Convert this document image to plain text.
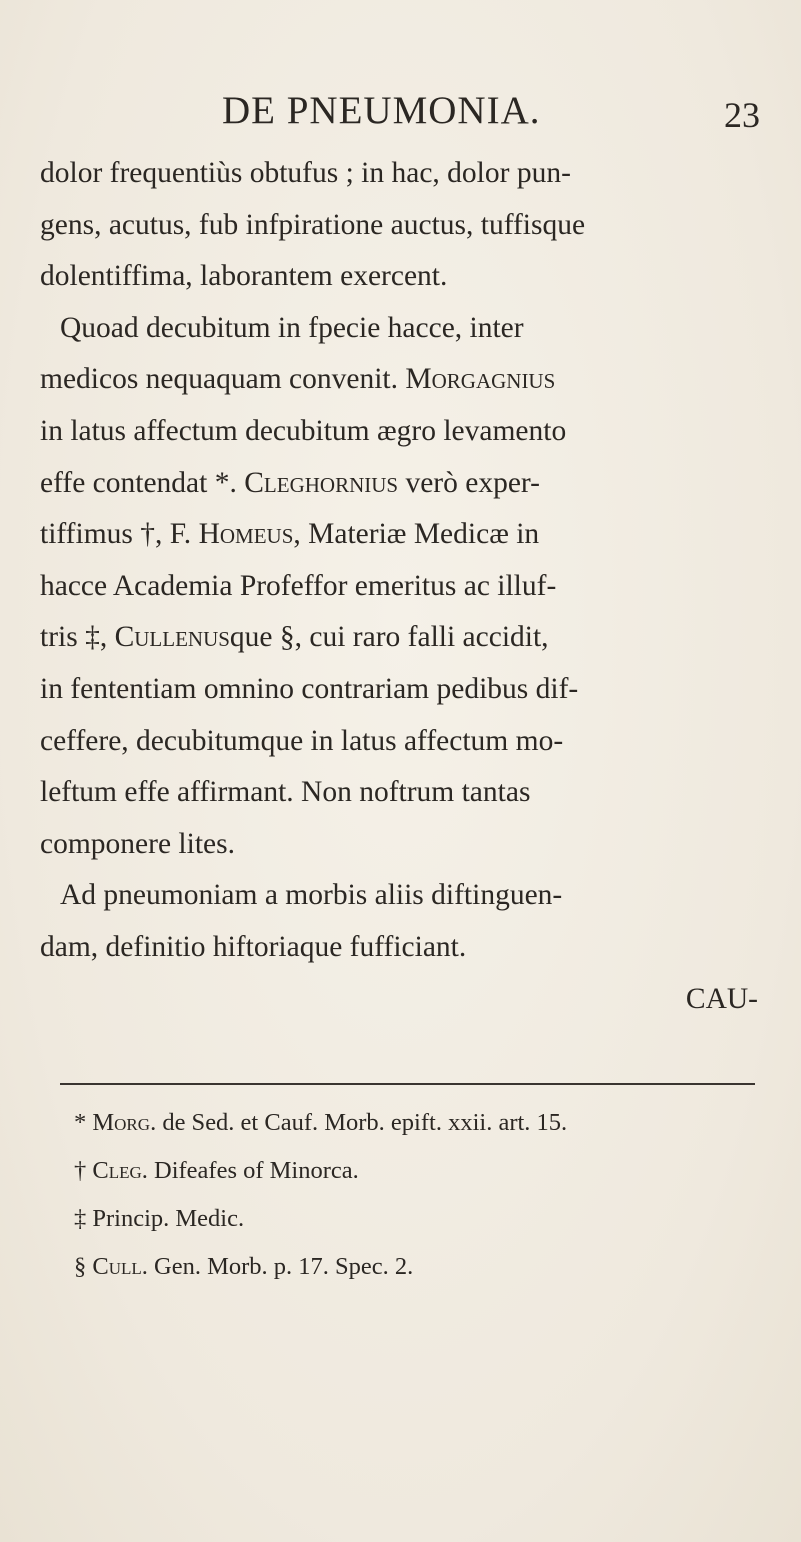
DE PNEUMONIA.	23
dolor frequentiùs obtufus ; in hac, dolor pun-
gens, acutus, fub infpiratione auctus, tuffisque
dolentiffima, laborantem exercent.
Quoad decubitum in fpecie hacce, inter
medicos nequaquam convenit. Morgagnius
in latus affectum decubitum ægro levamento
effe contendat *. Cleghornius verò exper-
tiffimus †, F. Homeus, Materiæ Medicæ in
hacce Academia Profeffor emeritus ac illuf-
tris ‡, Cullenusque §, cui raro falli accidit,
in fententiam omnino contrariam pedibus dif-
ceffere, decubitumque in latus affectum mo-
leftum effe affirmant. Non noftrum tantas
componere lites.
Ad pneumoniam a morbis aliis diftinguen-
dam, definitio hiftoriaque fufficiant.
CAU-
* Morg. de Sed. et Cauf. Morb. epift. xxii. art. 15.
† Cleg. Difeafes of Minorca.
‡ Princip. Medic.
§ Cull. Gen. Morb. p. 17. Spec. 2.
